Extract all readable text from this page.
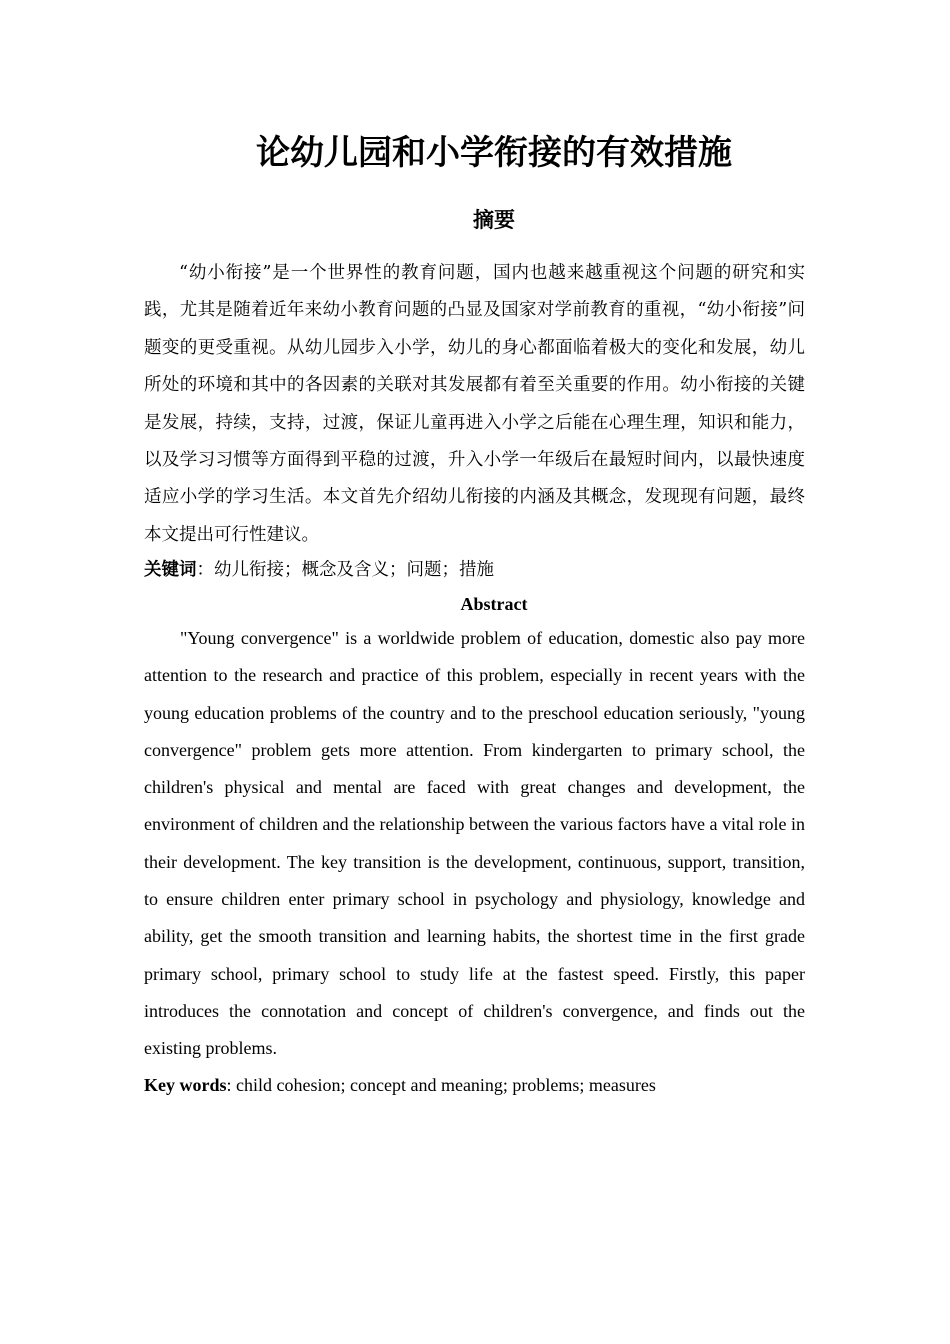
论幼儿园和小学衔接的有效措施
摘要

“幼小衔接”是一个世界性的教育问题，国内也越来越重视这个问题的研究和实践，尤其是随着近年来幼小教育问题的凸显及国家对学前教育的重视，“幼小衔接”问题变的更受重视。从幼儿园步入小学，幼儿的身心都面临着极大的变化和发展，幼儿所处的环境和其中的各因素的关联对其发展都有着至关重要的作用。幼小衔接的关键是发展，持续，支持，过渡，保证儿童再进入小学之后能在心理生理，知识和能力，以及学习习惯等方面得到平稳的过渡，升入小学一年级后在最短时间内，以最快速度适应小学的学习生活。本文首先介绍幼儿衔接的内涵及其概念，发现现有问题，最终本文提出可行性建议。

关键词：幼儿衔接；概念及含义；问题；措施
Abstract

"Young convergence" is a worldwide problem of education, domestic also pay more attention to the research and practice of this problem, especially in recent years with the young education problems of the country and to the preschool education seriously, "young convergence" problem gets more attention. From kindergarten to primary school, the children's physical and mental are faced with great changes and development, the environment of children and the relationship between the various factors have a vital role in their development. The key transition is the development, continuous, support, transition, to ensure children enter primary school in psychology and physiology, knowledge and ability, get the smooth transition and learning habits, the shortest time in the first grade primary school, primary school to study life at the fastest speed. Firstly, this paper introduces the connotation and concept of children's convergence, and finds out the existing problems.

Key words: child cohesion; concept and meaning; problems; measures
